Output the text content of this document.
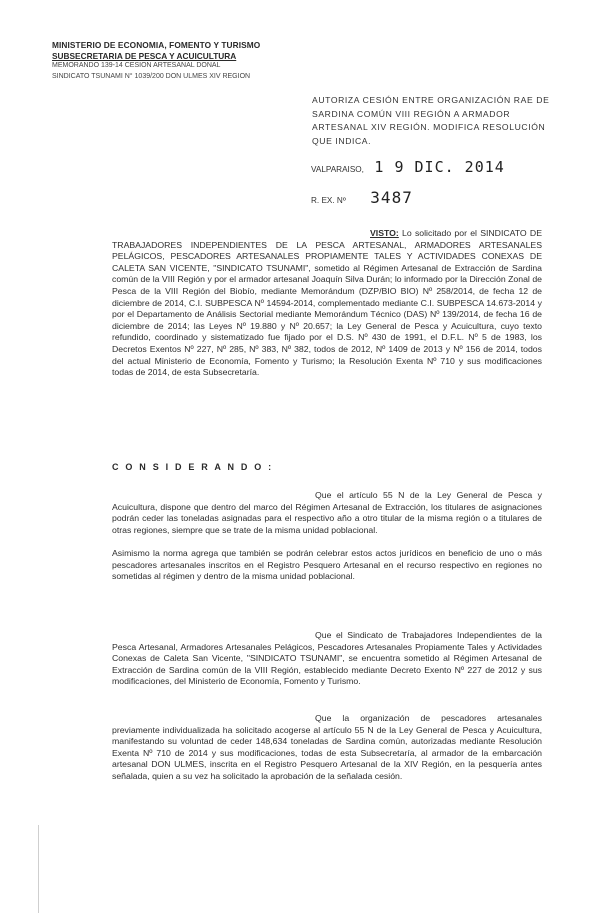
MINISTERIO DE ECONOMIA, FOMENTO Y TURISMO
SUBSECRETARIA DE PESCA Y ACUICULTURA
MEMORANDO 139-14 CESION ARTESANAL DONAL
SINDICATO TSUNAMI N° 1039/200 DON ULMES XIV REGION
AUTORIZA CESIÓN ENTRE ORGANIZACIÓN RAE DE SARDINA COMÚN VIII REGIÓN A ARMADOR ARTESANAL XIV REGIÓN. MODIFICA RESOLUCIÓN QUE INDICA.
VALPARAISO, 1 9 DIC. 2014
R. EX. Nº 3487
VISTO: Lo solicitado por el SINDICATO DE TRABAJADORES INDEPENDIENTES DE LA PESCA ARTESANAL, ARMADORES ARTESANALES PELÁGICOS, PESCADORES ARTESANALES PROPIAMENTE TALES Y ACTIVIDADES CONEXAS DE CALETA SAN VICENTE, "SINDICATO TSUNAMI", sometido al Régimen Artesanal de Extracción de Sardina común de la VIII Región y por el armador artesanal Joaquín Silva Durán; lo informado por la Dirección Zonal de Pesca de la VIII Región del Biobío, mediante Memorándum (DZP/BIO BIO) Nº 258/2014, de fecha 12 de diciembre de 2014, C.I. SUBPESCA Nº 14594-2014, complementado mediante C.I. SUBPESCA 14.673-2014 y por el Departamento de Análisis Sectorial mediante Memorándum Técnico (DAS) Nº 139/2014, de fecha 16 de diciembre de 2014; las Leyes Nº 19.880 y Nº 20.657; la Ley General de Pesca y Acuicultura, cuyo texto refundido, coordinado y sistematizado fue fijado por el D.S. Nº 430 de 1991, el D.F.L. Nº 5 de 1983, los Decretos Exentos Nº 227, Nº 285, Nº 383, Nº 382, todos de 2012, Nº 1409 de 2013 y Nº 156 de 2014, todos del actual Ministerio de Economía, Fomento y Turismo; la Resolución Exenta Nº 710 y sus modificaciones todas de 2014, de esta Subsecretaría.
C O N S I D E R A N D O :
Que el artículo 55 N de la Ley General de Pesca y Acuicultura, dispone que dentro del marco del Régimen Artesanal de Extracción, los titulares de asignaciones podrán ceder las toneladas asignadas para el respectivo año a otro titular de la misma región o a titulares de otras regiones, siempre que se trate de la misma unidad poblacional.
Asimismo la norma agrega que también se podrán celebrar estos actos jurídicos en beneficio de uno o más pescadores artesanales inscritos en el Registro Pesquero Artesanal en el recurso respectivo en regiones no sometidas al régimen y dentro de la misma unidad poblacional.
Que el Sindicato de Trabajadores Independientes de la Pesca Artesanal, Armadores Artesanales Pelágicos, Pescadores Artesanales Propiamente Tales y Actividades Conexas de Caleta San Vicente, "SINDICATO TSUNAMI", se encuentra sometido al Régimen Artesanal de Extracción de Sardina común de la VIII Región, establecido mediante Decreto Exento Nº 227 de 2012 y sus modificaciones, del Ministerio de Economía, Fomento y Turismo.
Que la organización de pescadores artesanales previamente individualizada ha solicitado acogerse al artículo 55 N de la Ley General de Pesca y Acuicultura, manifestando su voluntad de ceder 148,634 toneladas de Sardina común, autorizadas mediante Resolución Exenta Nº 710 de 2014 y sus modificaciones, todas de esta Subsecretaría, al armador de la embarcación artesanal DON ULMES, inscrita en el Registro Pesquero Artesanal de la XIV Región, en la pesquería antes señalada, quien a su vez ha solicitado la aprobación de la señalada cesión.
